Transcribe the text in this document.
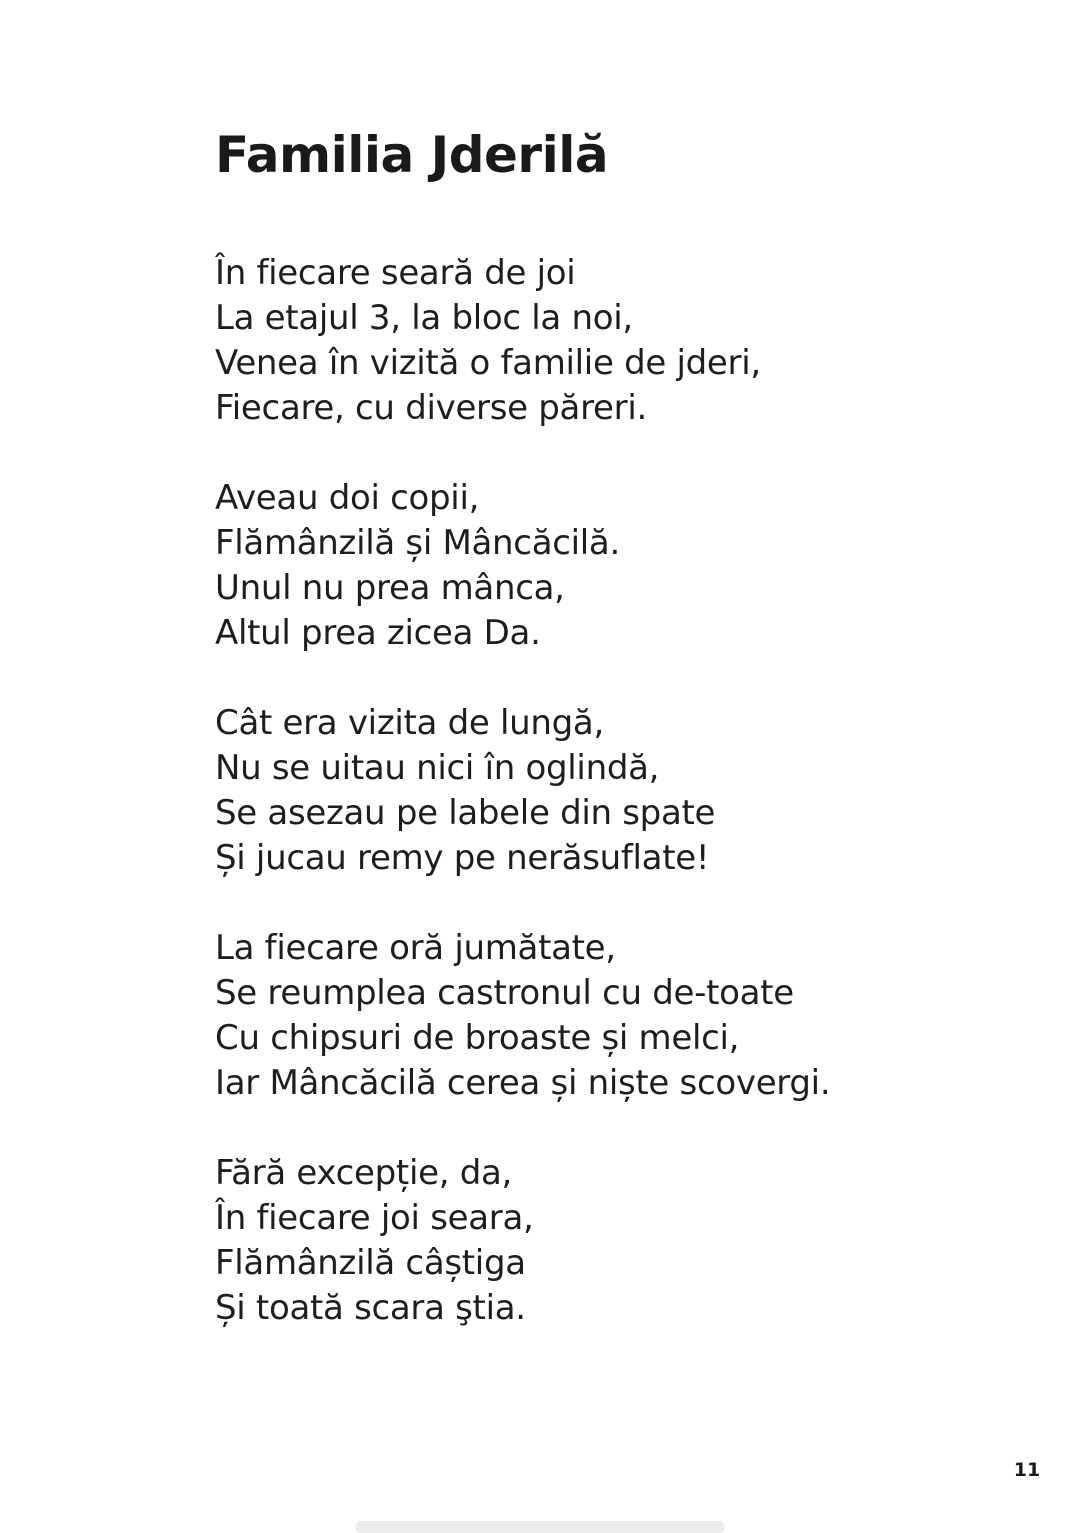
Familia Jderilă
În fiecare seară de joi
La etajul 3, la bloc la noi,
Venea în vizită o familie de jderi,
Fiecare, cu diverse păreri.
Aveau doi copii,
Flămânzilă și Mâncăcilă.
Unul nu prea mânca,
Altul prea zicea Da.
Cât era vizita de lungă,
Nu se uitau nici în oglindă,
Se asezau pe labele din spate
Și jucau remy pe nerăsuflate!
La fiecare oră jumătate,
Se reumplea castronul cu de-toate
Cu chipsuri de broaste și melci,
Iar Mâncăcilă cerea și niște scovergi.
Fără excepție, da,
În fiecare joi seara,
Flămânzilă câștiga
Și toată scara ştia.
11
